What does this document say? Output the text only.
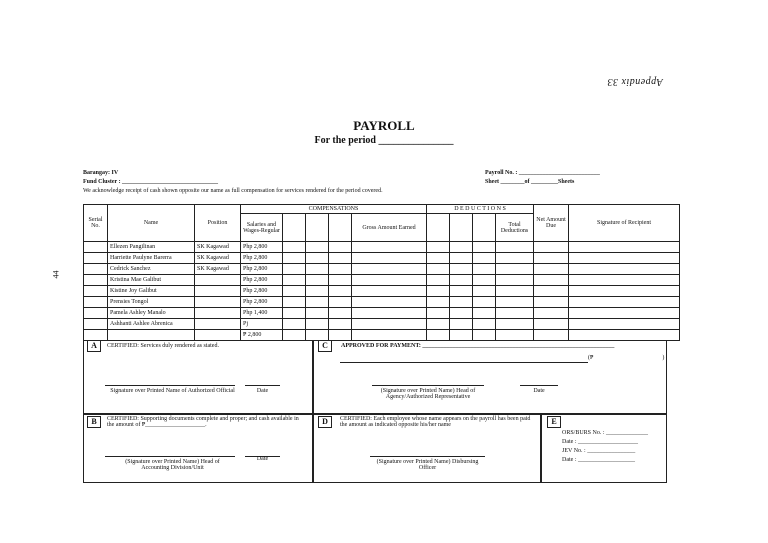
Appendix 33
PAYROLL
For the period _______________
Barangay: IV
Fund Cluster : ________________________________
We acknowledge receipt of cash shown opposite our name as full compensation for services rendered for the period covered.
Payroll No. : ___________________________
Sheet ________of _________Sheets
44
Serial No.	Name	Position	COMPENSATIONS					D E D U C T I O N S				Net Amount Due	Signature of Recipient
			Salaries and Wages-Regular				Gross Amount Earned				Total Deductions		
	Ellezen Pangilinan	SK Kagawad	Php 2,800										
	Harriette Paulyne Barerra	SK Kagawad	Php 2,800										
	Cedrick Sanchez	SK Kagawad	Php 2,800										
	Kristina Mae Galibut		Php 2,800										
	Kistine Joy Galibut		Php 2,800										
	Prensies Tongol		Php 2,800										
	Pamela Ashley Manalo		Php 1,400										
	Ashhanti Ashlee Abrenica		Pj										
			₱ 2,800										
A	CERTIFIED: Services duly rendered as stated.
Signature over Printed Name of Authorized Official	Date
C	APPROVED FOR PAYMENT: ________________________________________________________________
(₱                                              )
(Signature over Printed Name) Head of Agency/Authorized Representative
Date
B	CERTIFIED: Supporting documents complete and proper; and cash available in the amount of ₱____________________.
(Signature over Printed Name) Head of Accounting Division/Unit
Date
D	CERTIFIED: Each employee whose name appears on the payroll has been paid the amount as indicated opposite his/her name
(Signature over Printed Name) Disbursing Officer
E
ORS/BURS No. : ______________
Date : ____________________
JEV No. : ________________
Date : ___________________
